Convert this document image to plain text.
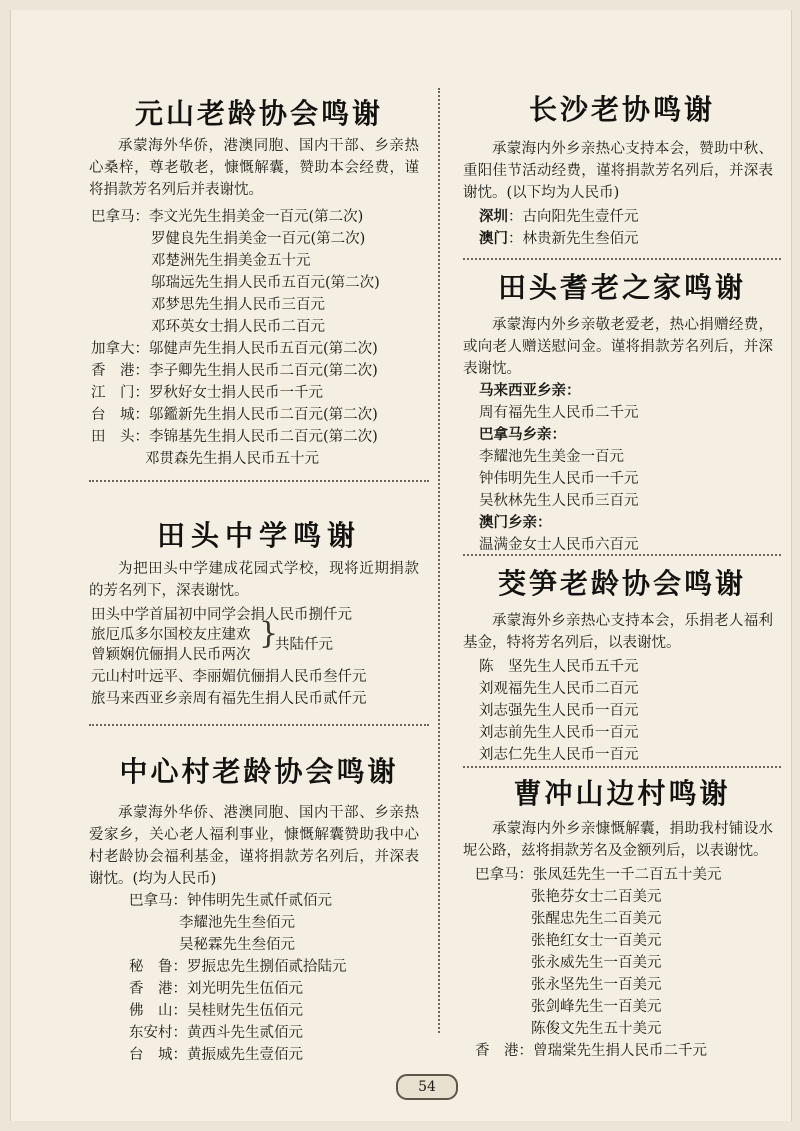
元山老龄协会鸣谢

承蒙海外华侨，港澳同胞、国内干部、乡亲热心桑梓，尊老敬老，慷慨解囊，赞助本会经费，谨将捐款芳名列后并表谢忱。

巴拿马：李文光先生捐美金一百元(第二次)

罗健良先生捐美金一百元(第二次)

邓楚洲先生捐美金五十元

邬瑞远先生捐人民币五百元(第二次)

邓梦思先生捐人民币三百元

邓环英女士捐人民币二百元

加拿大：邬健声先生捐人民币五百元(第二次)

香　港：李子卿先生捐人民币二百元(第二次)

江　门：罗秋好女士捐人民币一千元

台　城：邬鑑新先生捐人民币二百元(第二次)

田　头：李锦基先生捐人民币二百元(第二次)

邓贯森先生捐人民币五十元

田头中学鸣谢

为把田头中学建成花园式学校，现将近期捐款的芳名列下，深表谢忱。

田头中学首届初中同学会捐人民币捌仟元

旅厄瓜多尔国校友庄建欢

曾颖娴伉俪捐人民币两次

}

共陆仟元

元山村叶远平、李丽媚伉俪捐人民币叁仟元

旅马来西亚乡亲周有福先生捐人民币贰仟元

中心村老龄协会鸣谢

承蒙海外华侨、港澳同胞、国内干部、乡亲热爱家乡，关心老人福利事业，慷慨解囊赞助我中心村老龄协会福利基金，谨将捐款芳名列后，并深表谢忱。(均为人民币)

巴拿马：钟伟明先生贰仟贰佰元

李耀池先生叁佰元

吴秘霖先生叁佰元

秘　鲁：罗振忠先生捌佰贰拾陆元

香　港：刘光明先生伍佰元

佛　山：吴桂财先生伍佰元

东安村：黄西斗先生贰佰元

台　城：黄振威先生壹佰元

长沙老协鸣谢

承蒙海内外乡亲热心支持本会，赞助中秋、重阳佳节活动经费，谨将捐款芳名列后，并深表谢忱。(以下均为人民币)

深圳：古向阳先生壹仟元

澳门：林贵新先生叁佰元

田头耆老之家鸣谢

承蒙海内外乡亲敬老爱老，热心捐赠经费，或向老人赠送慰问金。谨将捐款芳名列后，并深表谢忱。

马来西亚乡亲：

周有福先生人民币二千元

巴拿马乡亲：

李耀池先生美金一百元

钟伟明先生人民币一千元

吴秋林先生人民币三百元

澳门乡亲：

温满金女士人民币六百元

茭笋老龄协会鸣谢

承蒙海外乡亲热心支持本会，乐捐老人福利基金，特将芳名列后，以表谢忱。

陈　坚先生人民币五千元

刘观福先生人民币二百元

刘志强先生人民币一百元

刘志前先生人民币一百元

刘志仁先生人民币一百元

曹冲山边村鸣谢

承蒙海内外乡亲慷慨解囊，捐助我村铺设水坭公路，兹将捐款芳名及金额列后，以表谢忱。

巴拿马：张凤廷先生一千二百五十美元

张艳芬女士二百美元

张醒忠先生二百美元

张艳红女士一百美元

张永威先生一百美元

张永坚先生一百美元

张剑峰先生一百美元

陈俊文先生五十美元

香　港：曾瑞棠先生捐人民币二千元

54
